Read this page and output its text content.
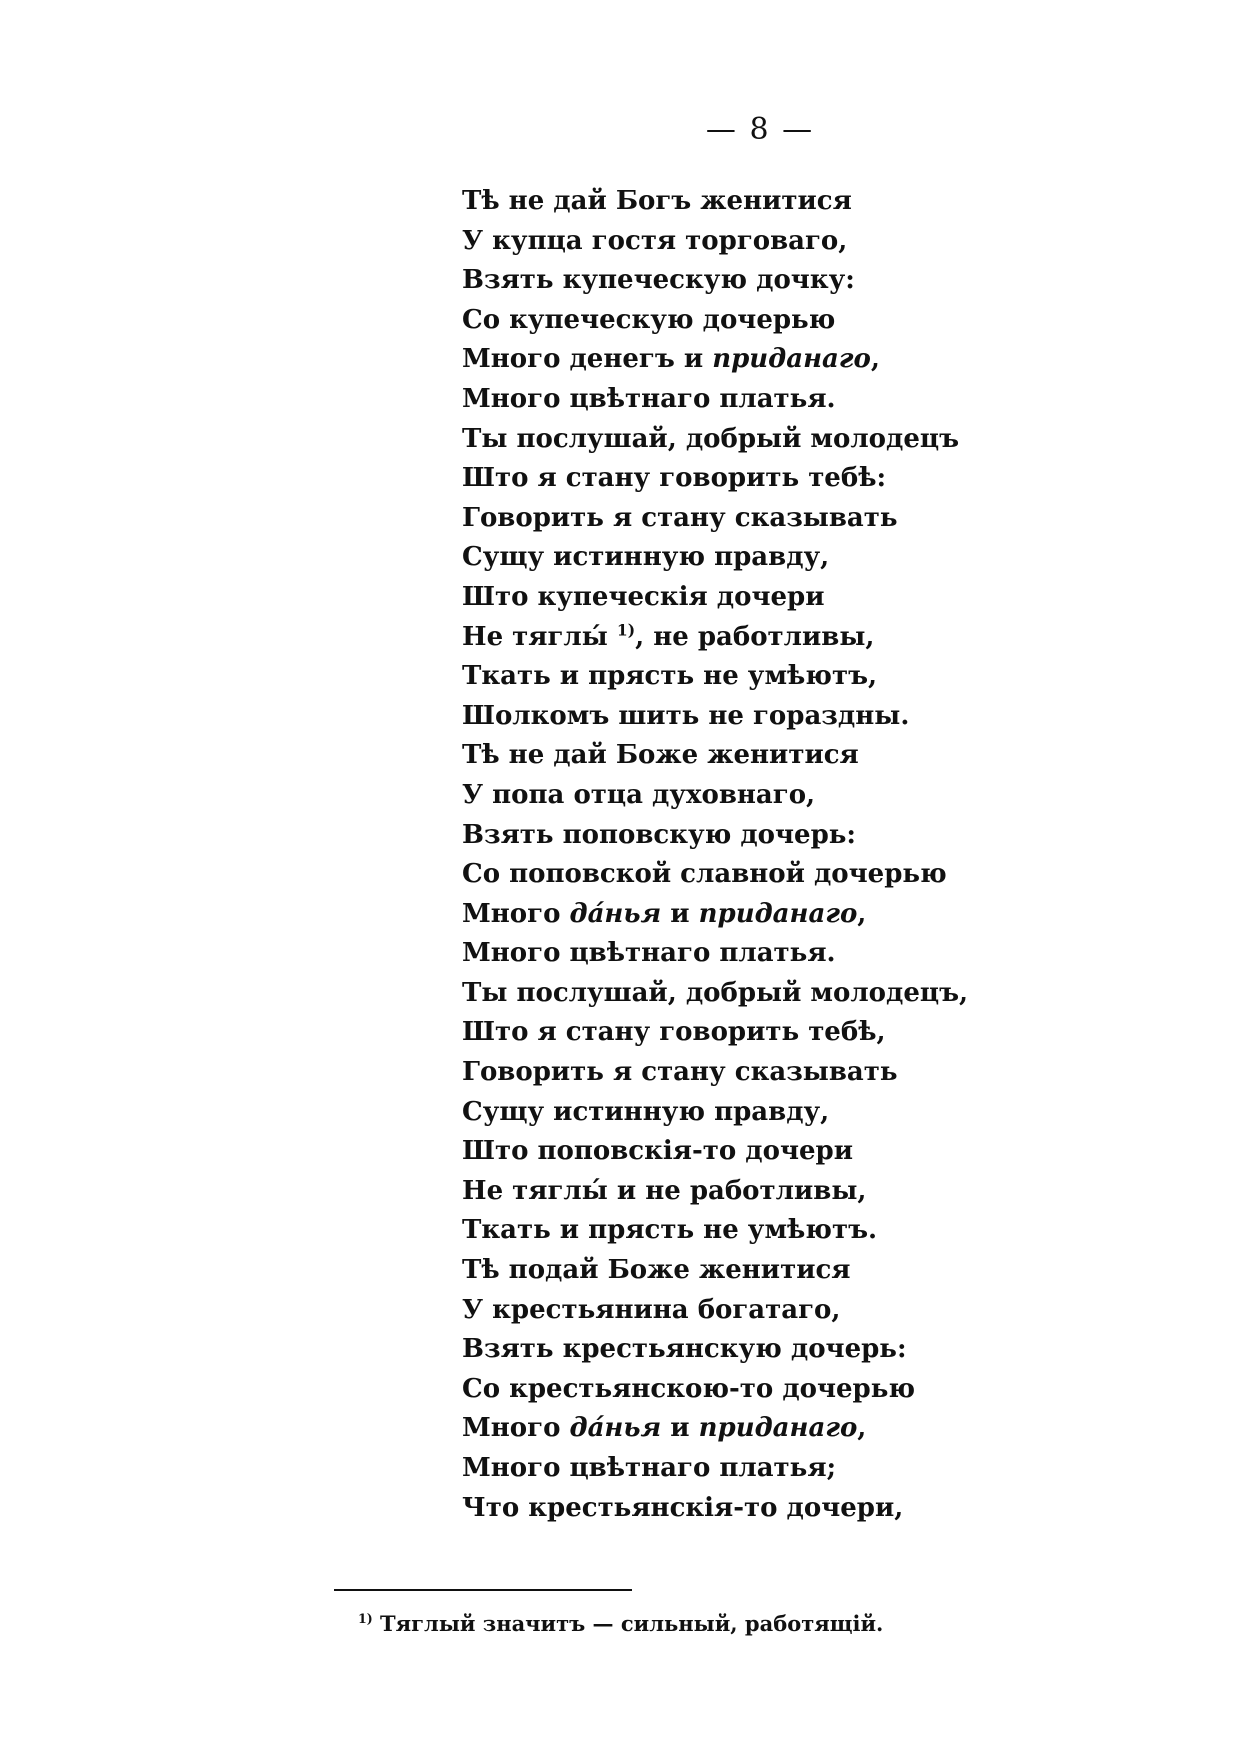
— 8 —
Тѣ не дай Богъ женитися
У купца гостя торговаго,
Взять купеческую дочку:
Со купеческую дочерью
Много денегъ и приданаго,
Много цвѣтнаго платья.
Ты послушай, добрый молодецъ
Што я стану говорить тебѣ:
Говорить я стану сказывать
Сущу истинную правду,
Што купеческія дочери
Не тяглы́ $^{1)}$, не работливы,
Ткать и прясть не умѣютъ,
Шолкомъ шить не гораздны.
Тѣ не дай Боже женитися
У попа отца духовнаго,
Взять поповскую дочерь:
Со поповской славной дочерью
Много да́нья и приданаго,
Много цвѣтнаго платья.
Ты послушай, добрый молодецъ,
Што я стану говорить тебѣ,
Говорить я стану сказывать
Сущу истинную правду,
Што поповскія-то дочери
Не тяглы́ и не работливы,
Ткать и прясть не умѣютъ.
Тѣ подай Боже женитися
У крестьянина богатаго,
Взять крестьянскую дочерь:
Со крестьянскою-то дочерью
Много да́нья и приданаго,
Много цвѣтнаго платья;
Что крестьянскія-то дочери,
$^{1)}$ Тяглый значитъ — сильный, работящій.
